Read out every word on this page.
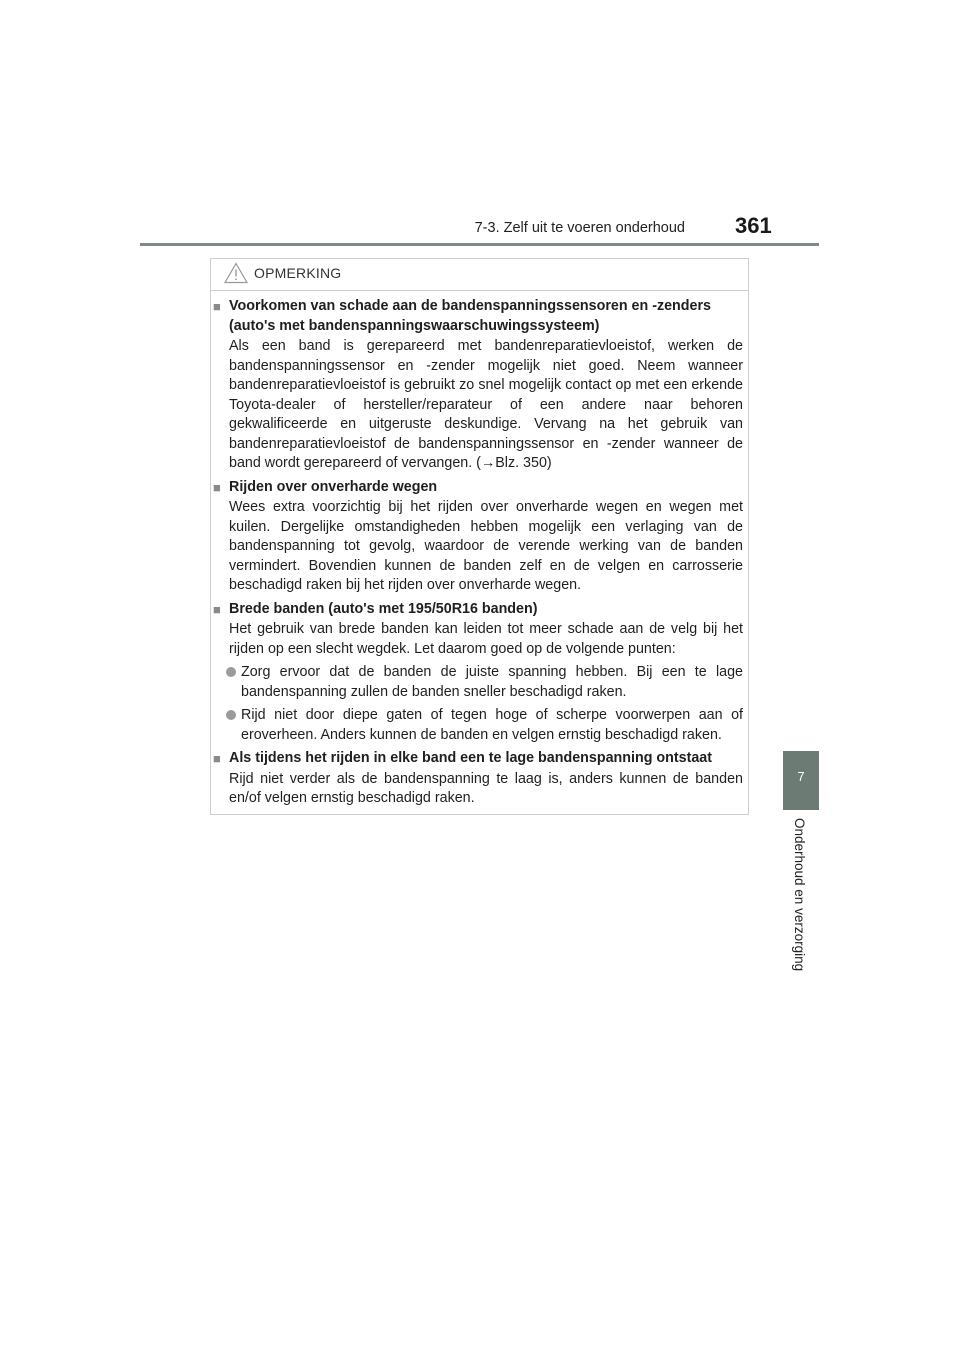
7-3. Zelf uit te voeren onderhoud 361
7
Onderhoud en verzorging
OPMERKING
■ Voorkomen van schade aan de bandenspanningssensoren en -zenders (auto's met bandenspanningswaarschuwingssysteem)
Als een band is gerepareerd met bandenreparatievloeistof, werken de bandenspanningssensor en -zender mogelijk niet goed. Neem wanneer bandenreparatievloeistof is gebruikt zo snel mogelijk contact op met een erkende Toyota-dealer of hersteller/reparateur of een andere naar behoren gekwalificeerde en uitgeruste deskundige. Vervang na het gebruik van bandenreparatievloeistof de bandenspanningssensor en -zender wanneer de band wordt gerepareerd of vervangen. (→Blz. 350)
■ Rijden over onverharde wegen
Wees extra voorzichtig bij het rijden over onverharde wegen en wegen met kuilen. Dergelijke omstandigheden hebben mogelijk een verlaging van de bandenspanning tot gevolg, waardoor de verende werking van de banden vermindert. Bovendien kunnen de banden zelf en de velgen en carrosserie beschadigd raken bij het rijden over onverharde wegen.
■ Brede banden (auto's met 195/50R16 banden)
Het gebruik van brede banden kan leiden tot meer schade aan de velg bij het rijden op een slecht wegdek. Let daarom goed op de volgende punten:
Zorg ervoor dat de banden de juiste spanning hebben. Bij een te lage bandenspanning zullen de banden sneller beschadigd raken.
Rijd niet door diepe gaten of tegen hoge of scherpe voorwerpen aan of eroverheen. Anders kunnen de banden en velgen ernstig beschadigd raken.
■ Als tijdens het rijden in elke band een te lage bandenspanning ontstaat
Rijd niet verder als de bandenspanning te laag is, anders kunnen de banden en/of velgen ernstig beschadigd raken.
